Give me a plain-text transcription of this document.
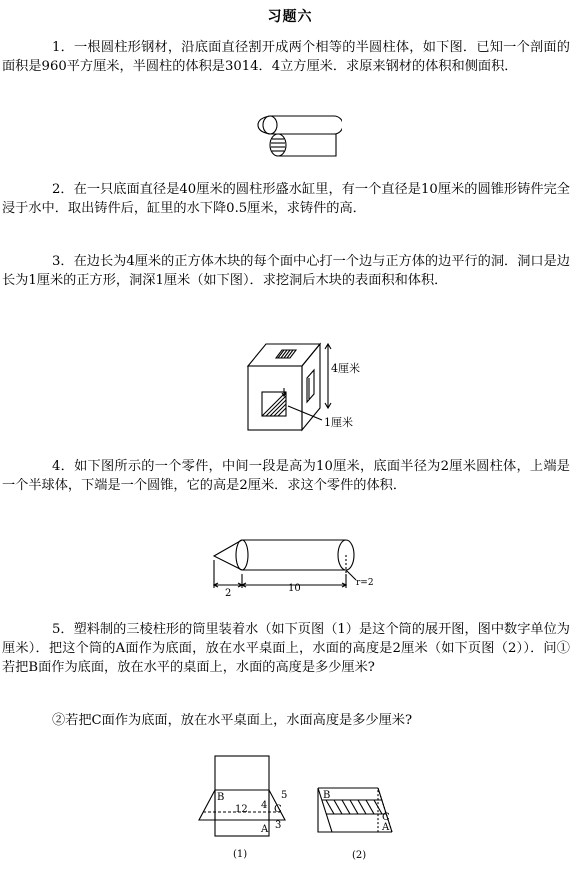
习题六
1．一根圆柱形钢材，沿底面直径割开成两个相等的半圆柱体，如下图．已知一个剖面的面积是960平方厘米，半圆柱的体积是3014．4立方厘米．求原来钢材的体积和侧面积．
2．在一只底面直径是40厘米的圆柱形盛水缸里，有一个直径是10厘米的圆锥形铸件完全浸于水中．取出铸件后，缸里的水下降0.5厘米，求铸件的高．
3．在边长为4厘米的正方体木块的每个面中心打一个边与正方体的边平行的洞．洞口是边长为1厘米的正方形，洞深1厘米（如下图）．求挖洞后木块的表面积和体积．
4厘米
1厘米
4．如下图所示的一个零件，中间一段是高为10厘米，底面半径为2厘米圆柱体，上端是一个半球体，下端是一个圆锥，它的高是2厘米．求这个零件的体积．
2	10	r=2
5．塑料制的三棱柱形的筒里装着水（如下页图（1）是这个筒的展开图，图中数字单位为厘米）．把这个筒的A面作为底面，放在水平桌面上，水面的高度是2厘米（如下页图（2））．问①若把B面作为底面，放在水平的桌面上，水面的高度是多少厘米?
②若把C面作为底面，放在水平桌面上，水面高度是多少厘米?
B
12 4
5
C
3
A
(1)
B
C
A
(2)
